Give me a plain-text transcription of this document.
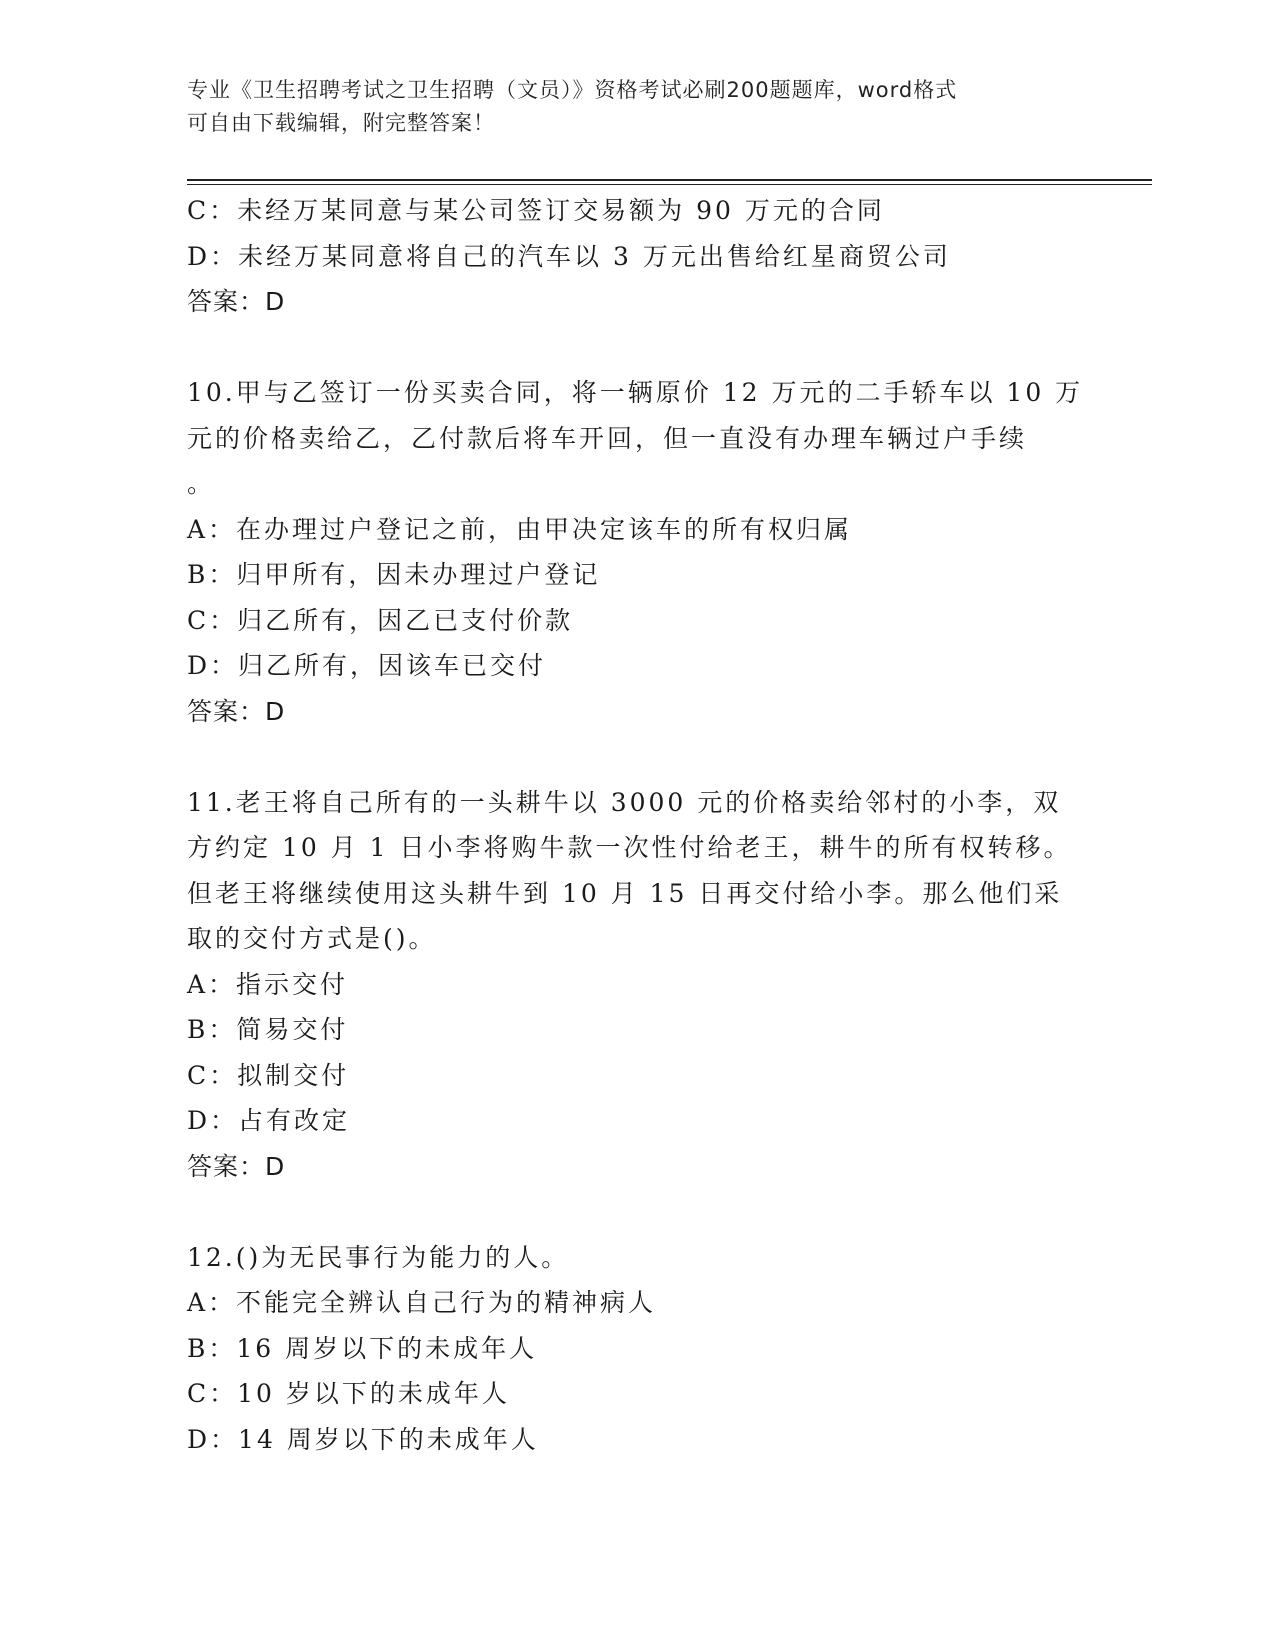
专业《卫生招聘考试之卫生招聘（文员）》资格考试必刷200题题库，word格式
可自由下载编辑，附完整答案！
C：未经万某同意与某公司签订交易额为 90 万元的合同
D：未经万某同意将自己的汽车以 3 万元出售给红星商贸公司
答案：D
10.甲与乙签订一份买卖合同，将一辆原价 12 万元的二手轿车以 10 万
元的价格卖给乙，乙付款后将车开回，但一直没有办理车辆过户手续
。
A：在办理过户登记之前，由甲决定该车的所有权归属
B：归甲所有，因未办理过户登记
C：归乙所有，因乙已支付价款
D：归乙所有，因该车已交付
答案：D
11.老王将自己所有的一头耕牛以 3000 元的价格卖给邻村的小李，双
方约定 10 月 1 日小李将购牛款一次性付给老王，耕牛的所有权转移。
但老王将继续使用这头耕牛到 10 月 15 日再交付给小李。那么他们采
取的交付方式是()。
A：指示交付
B：简易交付
C：拟制交付
D：占有改定
答案：D
12.()为无民事行为能力的人。
A：不能完全辨认自己行为的精神病人
B：16 周岁以下的未成年人
C：10 岁以下的未成年人
D：14 周岁以下的未成年人
